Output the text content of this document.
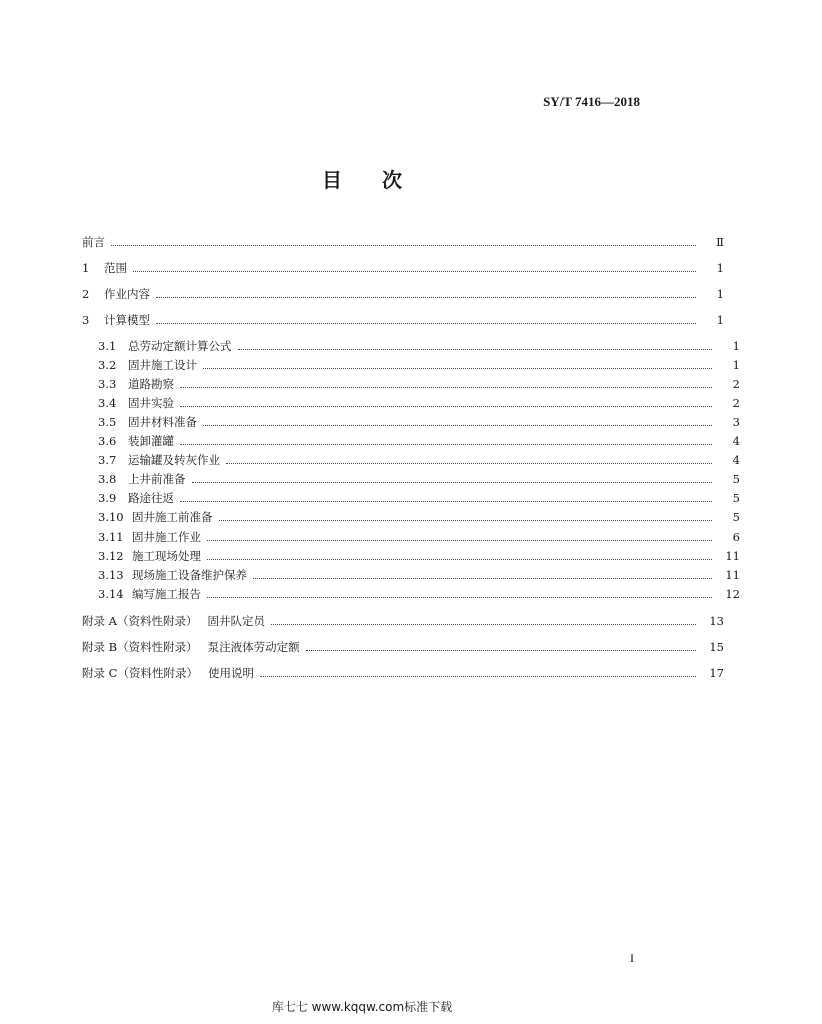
SY/T 7416—2018
目 次
前言	Ⅱ
1	范围	1
2	作业内容	1
3	计算模型	1
3.1	总劳动定额计算公式	1
3.2	固井施工设计	1
3.3	道路勘察	2
3.4	固井实验	2
3.5	固井材料准备	3
3.6	装卸灌罐	4
3.7	运输罐及转灰作业	4
3.8	上井前准备	5
3.9	路途往返	5
3.10 固井施工前准备	5
3.11 固井施工作业	6
3.12 施工现场处理	11
3.13 现场施工设备维护保养	11
3.14 编写施工报告	12
附录 A（资料性附录） 固井队定员	13
附录 B（资料性附录） 泵注液体劳动定额	15
附录 C（资料性附录） 使用说明	17
I
库七七 www.kqqw.com标准下载
